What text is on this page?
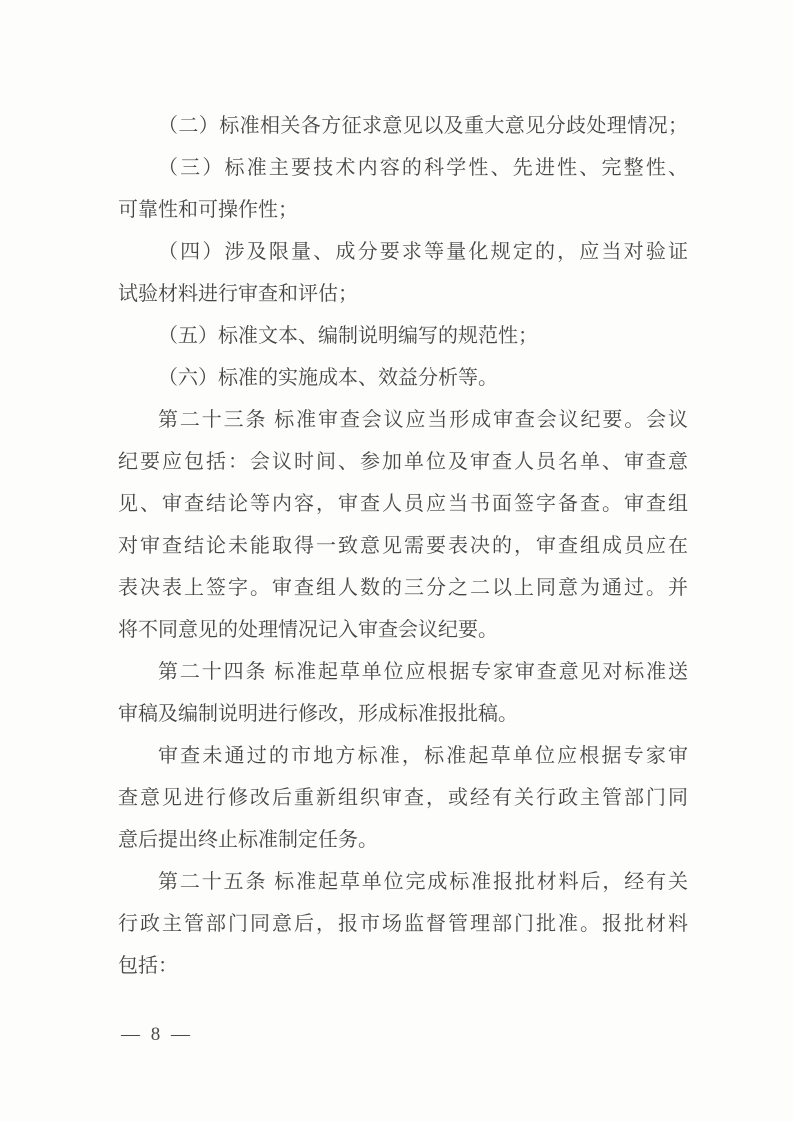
（二）标准相关各方征求意见以及重大意见分歧处理情况；
（三）标准主要技术内容的科学性、先进性、完整性、
可靠性和可操作性；
（四）涉及限量、成分要求等量化规定的，应当对验证
试验材料进行审查和评估；
（五）标准文本、编制说明编写的规范性；
（六）标准的实施成本、效益分析等。
第二十三条 标准审查会议应当形成审查会议纪要。会议
纪要应包括：会议时间、参加单位及审查人员名单、审查意
见、审查结论等内容，审查人员应当书面签字备查。审查组
对审查结论未能取得一致意见需要表决的，审查组成员应在
表决表上签字。审查组人数的三分之二以上同意为通过。并
将不同意见的处理情况记入审查会议纪要。
第二十四条 标准起草单位应根据专家审查意见对标准送
审稿及编制说明进行修改，形成标准报批稿。
审查未通过的市地方标准，标准起草单位应根据专家审
查意见进行修改后重新组织审查，或经有关行政主管部门同
意后提出终止标准制定任务。
第二十五条 标准起草单位完成标准报批材料后，经有关
行政主管部门同意后，报市场监督管理部门批准。报批材料
包括：
— 8 —
